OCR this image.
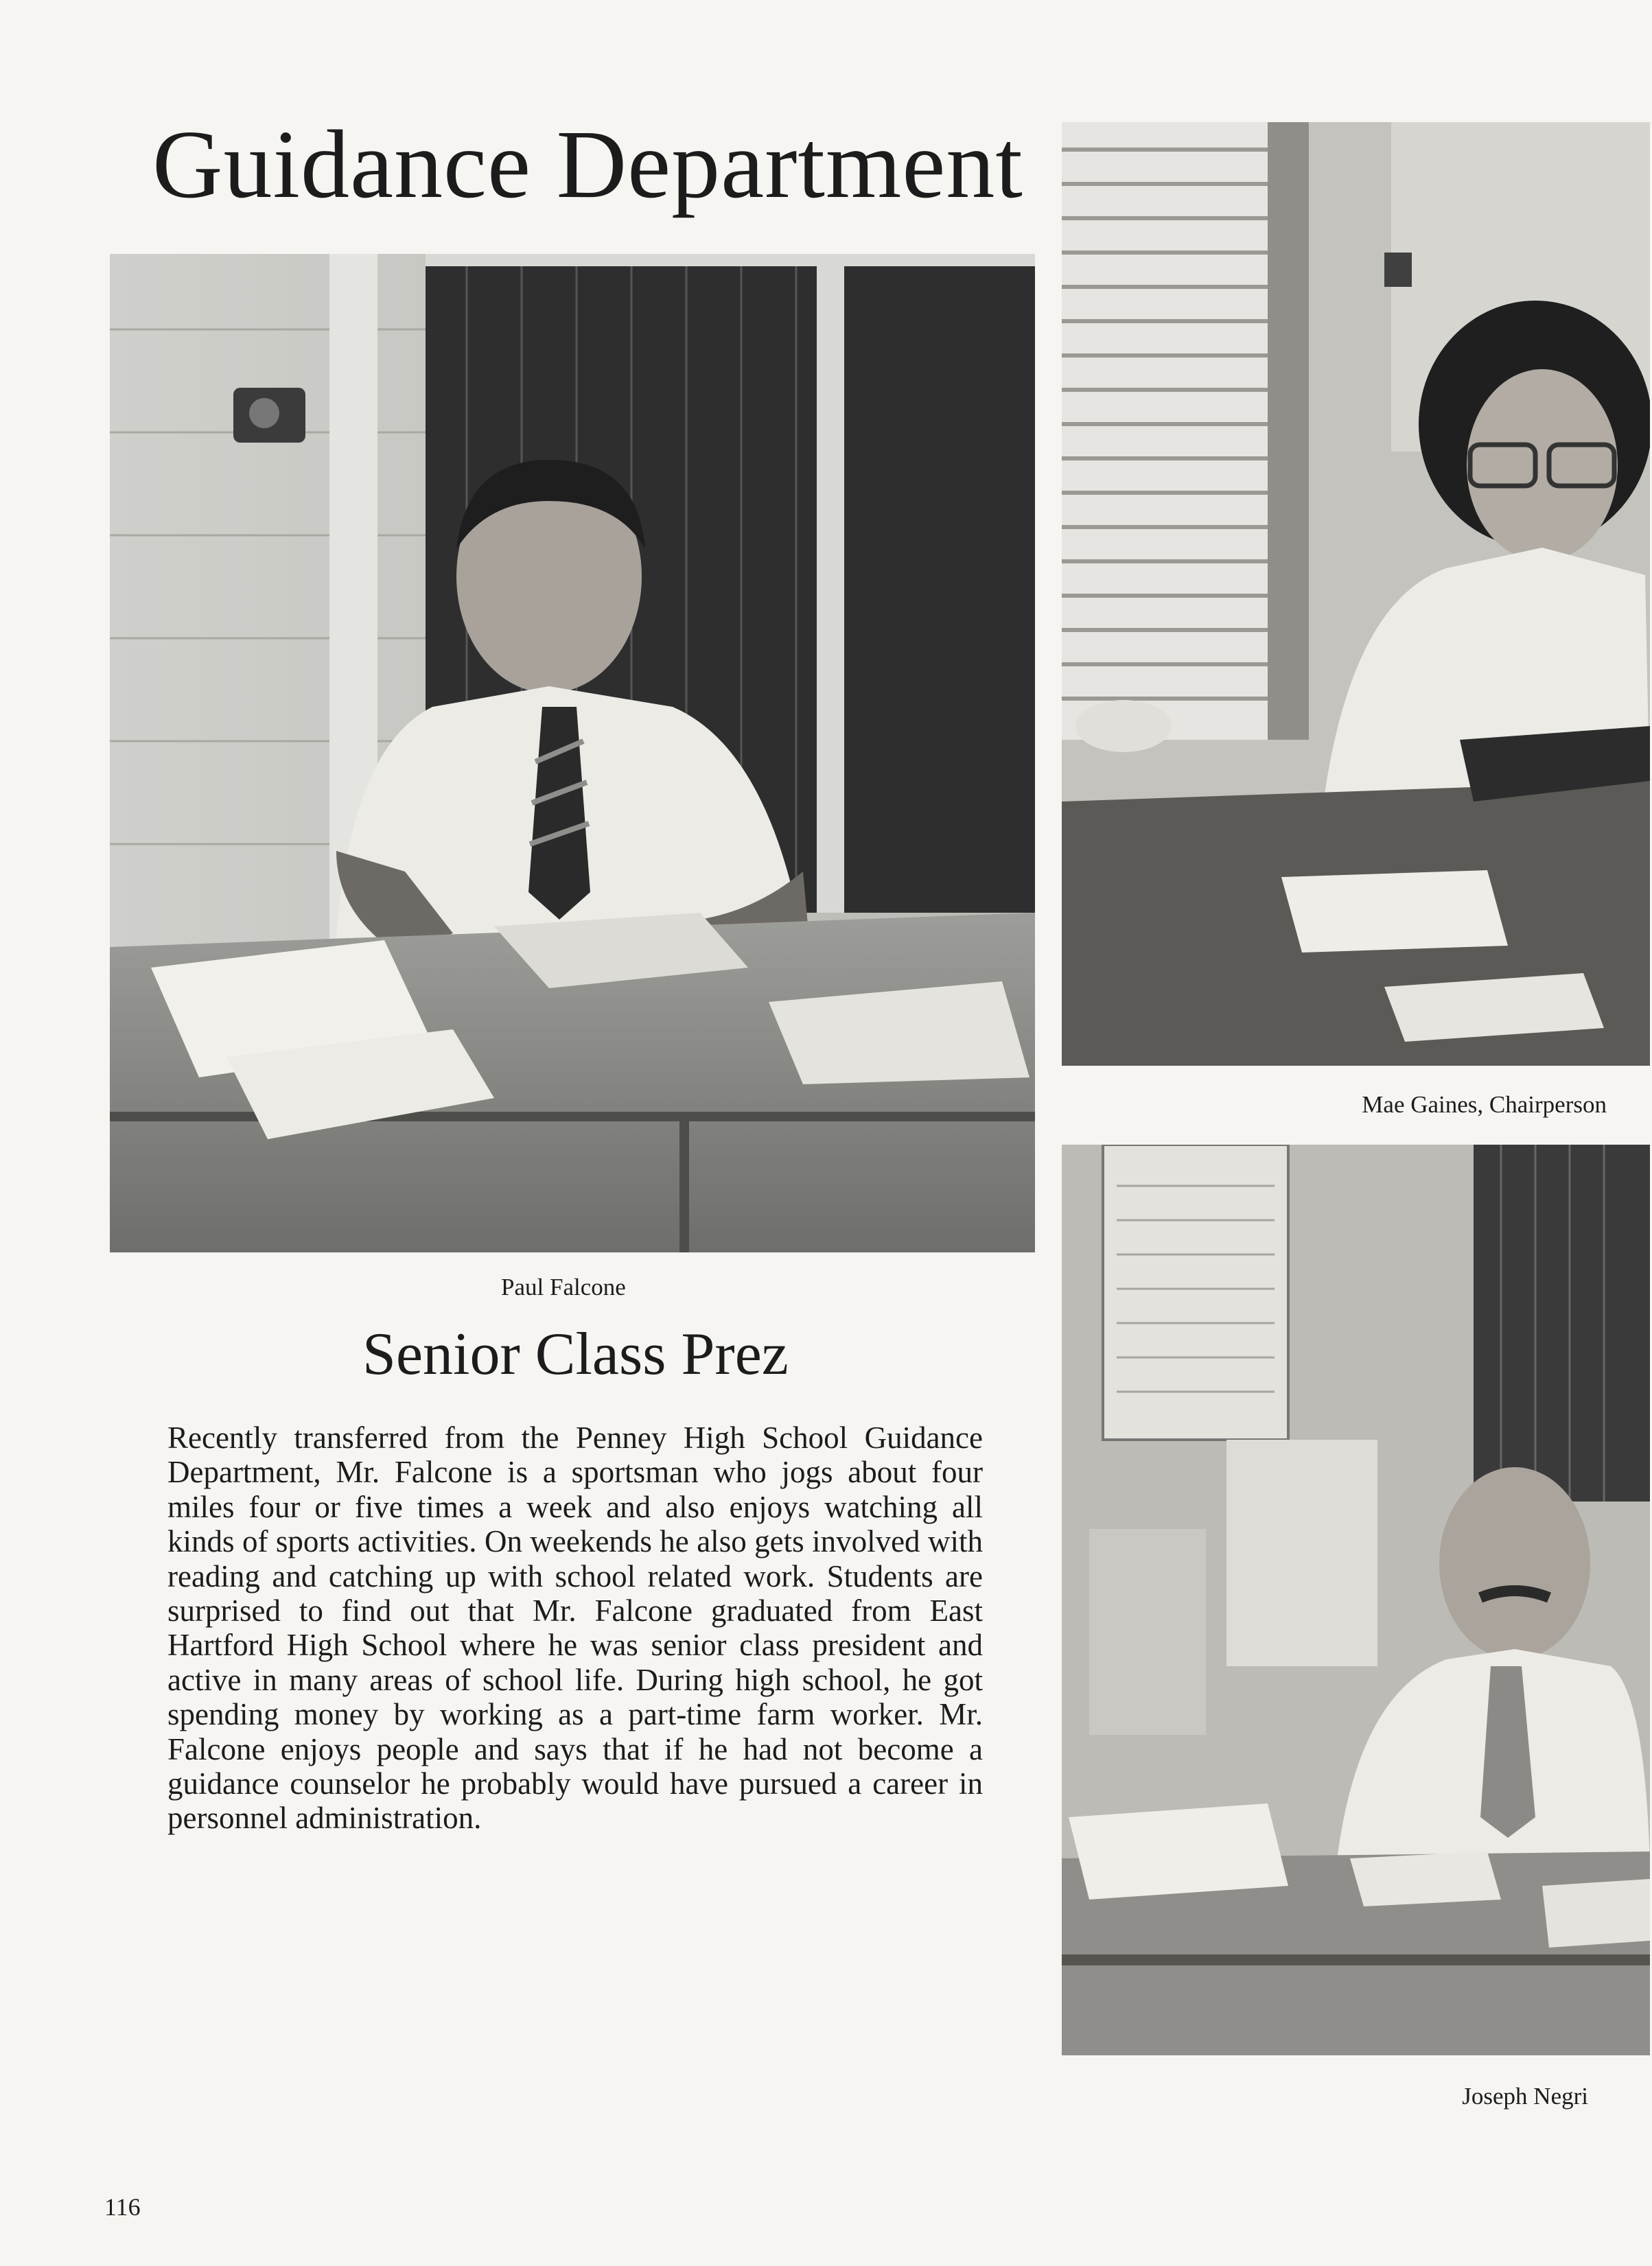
Guidance Department
Mae Gaines, Chairperson
Paul Falcone
Joseph Negri
Senior Class Prez

Recently transferred from the Penney High School Guidance Department, Mr. Falcone is a sportsman who jogs about four miles four or five times a week and also enjoys watching all kinds of sports activities. On weekends he also gets involved with reading and catching up with school related work. Students are surprised to find out that Mr. Falcone graduated from East Hartford High School where he was senior class president and active in many areas of school life. During high school, he got spending money by working as a part-time farm worker. Mr. Falcone enjoys people and says that if he had not become a guidance counselor he probably would have pursued a career in personnel administration.

116
